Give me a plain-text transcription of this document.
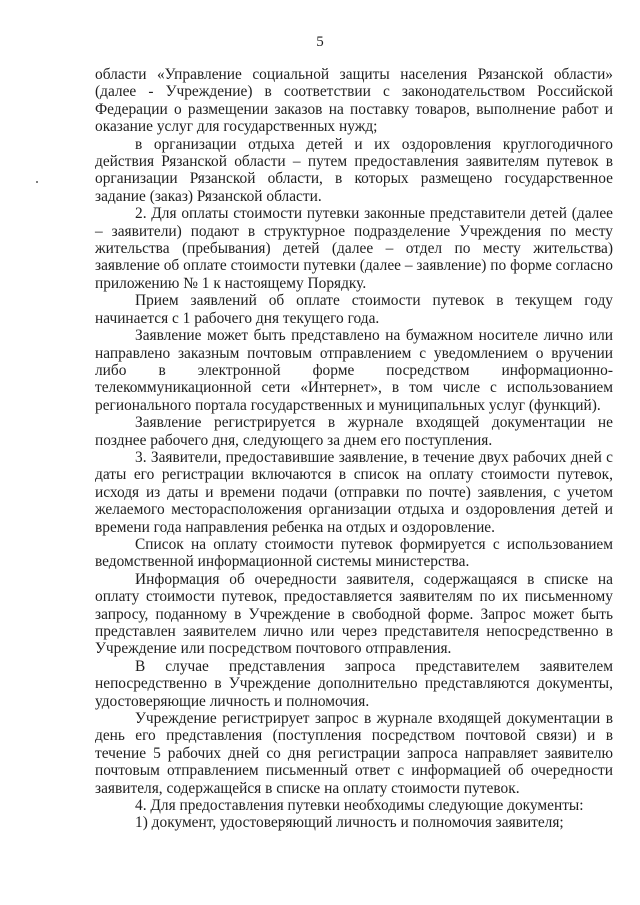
5

области «Управление социальной защиты населения Рязанской области» (далее - Учреждение) в соответствии с законодательством Российской Федерации о размещении заказов на поставку товаров, выполнение работ и оказание услуг для государственных нужд;

в организации отдыха детей и их оздоровления круглогодичного действия Рязанской области – путем предоставления заявителям путевок в организации Рязанской области, в которых размещено государственное задание (заказ) Рязанской области.

2. Для оплаты стоимости путевки законные представители детей (далее – заявители) подают в структурное подразделение Учреждения по месту жительства (пребывания) детей (далее – отдел по месту жительства) заявление об оплате стоимости путевки (далее – заявление) по форме согласно приложению № 1 к настоящему Порядку.

Прием заявлений об оплате стоимости путевок в текущем году начинается с 1 рабочего дня текущего года.

Заявление может быть представлено на бумажном носителе лично или направлено заказным почтовым отправлением с уведомлением о вручении либо в электронной форме посредством информационно-телекоммуникационной сети «Интернет», в том числе с использованием регионального портала государственных и муниципальных услуг (функций).

Заявление регистрируется в журнале входящей документации не позднее рабочего дня, следующего за днем его поступления.

3. Заявители, предоставившие заявление, в течение двух рабочих дней с даты его регистрации включаются в список на оплату стоимости путевок, исходя из даты и времени подачи (отправки по почте) заявления, с учетом желаемого месторасположения организации отдыха и оздоровления детей и времени года направления ребенка на отдых и оздоровление.

Список на оплату стоимости путевок формируется с использованием ведомственной информационной системы министерства.

Информация об очередности заявителя, содержащаяся в списке на оплату стоимости путевок, предоставляется заявителям по их письменному запросу, поданному в Учреждение в свободной форме. Запрос может быть представлен заявителем лично или через представителя непосредственно в Учреждение или посредством почтового отправления.

В случае представления запроса представителем заявителем непосредственно в Учреждение дополнительно представляются документы, удостоверяющие личность и полномочия.

Учреждение регистрирует запрос в журнале входящей документации в день его представления (поступления посредством почтовой связи) и в течение 5 рабочих дней со дня регистрации запроса направляет заявителю почтовым отправлением письменный ответ с информацией об очередности заявителя, содержащейся в списке на оплату стоимости путевок.

4. Для предоставления путевки необходимы следующие документы:

1) документ, удостоверяющий личность и полномочия заявителя;
